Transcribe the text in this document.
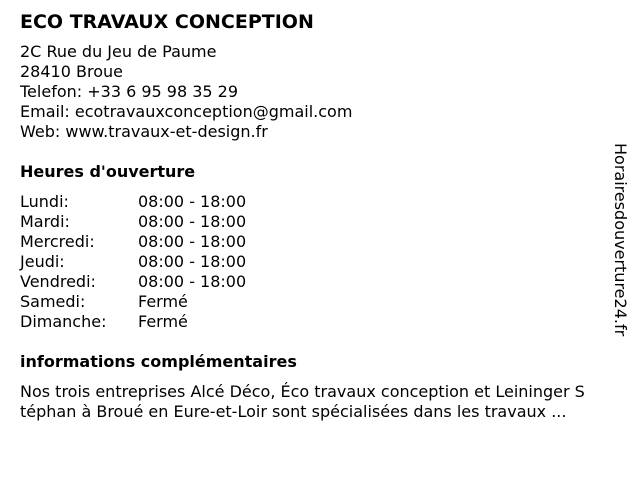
ECO TRAVAUX CONCEPTION
2C Rue du Jeu de Paume
28410 Broue
Telefon: +33 6 95 98 35 29
Email: ecotravauxconception@gmail.com
Web: www.travaux-et-design.fr
Heures d'ouverture
Lundi:	08:00 - 18:00
Mardi:	08:00 - 18:00
Mercredi:	08:00 - 18:00
Jeudi:	08:00 - 18:00
Vendredi:	08:00 - 18:00
Samedi:	Fermé
Dimanche:	Fermé
informations complémentaires
Nos trois entreprises Alcé Déco, Éco travaux conception et Leininger S
téphan à Broué en Eure-et-Loir sont spécialisées dans les travaux ...
Horairesdouverture24.fr
